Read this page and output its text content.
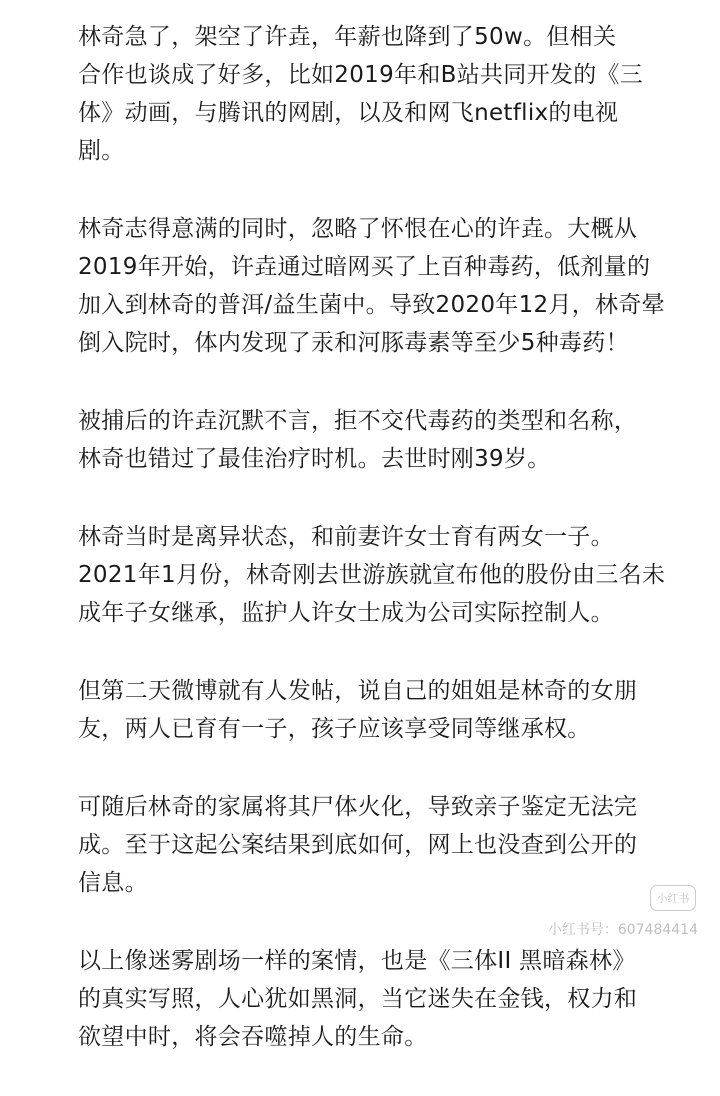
林奇急了，架空了许垚，年薪也降到了50w。但相关
合作也谈成了好多，比如2019年和B站共同开发的《三
体》动画，与腾讯的网剧，以及和网飞netflix的电视
剧。

林奇志得意满的同时，忽略了怀恨在心的许垚。大概从
2019年开始，许垚通过暗网买了上百种毒药，低剂量的
加入到林奇的普洱/益生菌中。导致2020年12月，林奇晕
倒入院时，体内发现了汞和河豚毒素等至少5种毒药！

被捕后的许垚沉默不言，拒不交代毒药的类型和名称，
林奇也错过了最佳治疗时机。去世时刚39岁。

林奇当时是离异状态，和前妻许女士育有两女一子。
2021年1月份，林奇刚去世游族就宣布他的股份由三名未
成年子女继承，监护人许女士成为公司实际控制人。

但第二天微博就有人发帖，说自己的姐姐是林奇的女朋
友，两人已育有一子，孩子应该享受同等继承权。

可随后林奇的家属将其尸体火化，导致亲子鉴定无法完
成。至于这起公案结果到底如何，网上也没查到公开的
信息。

以上像迷雾剧场一样的案情，也是《三体II 黑暗森林》
的真实写照，人心犹如黑洞，当它迷失在金钱，权力和
欲望中时，将会吞噬掉人的生命。

小红书
小红书号：607484414
